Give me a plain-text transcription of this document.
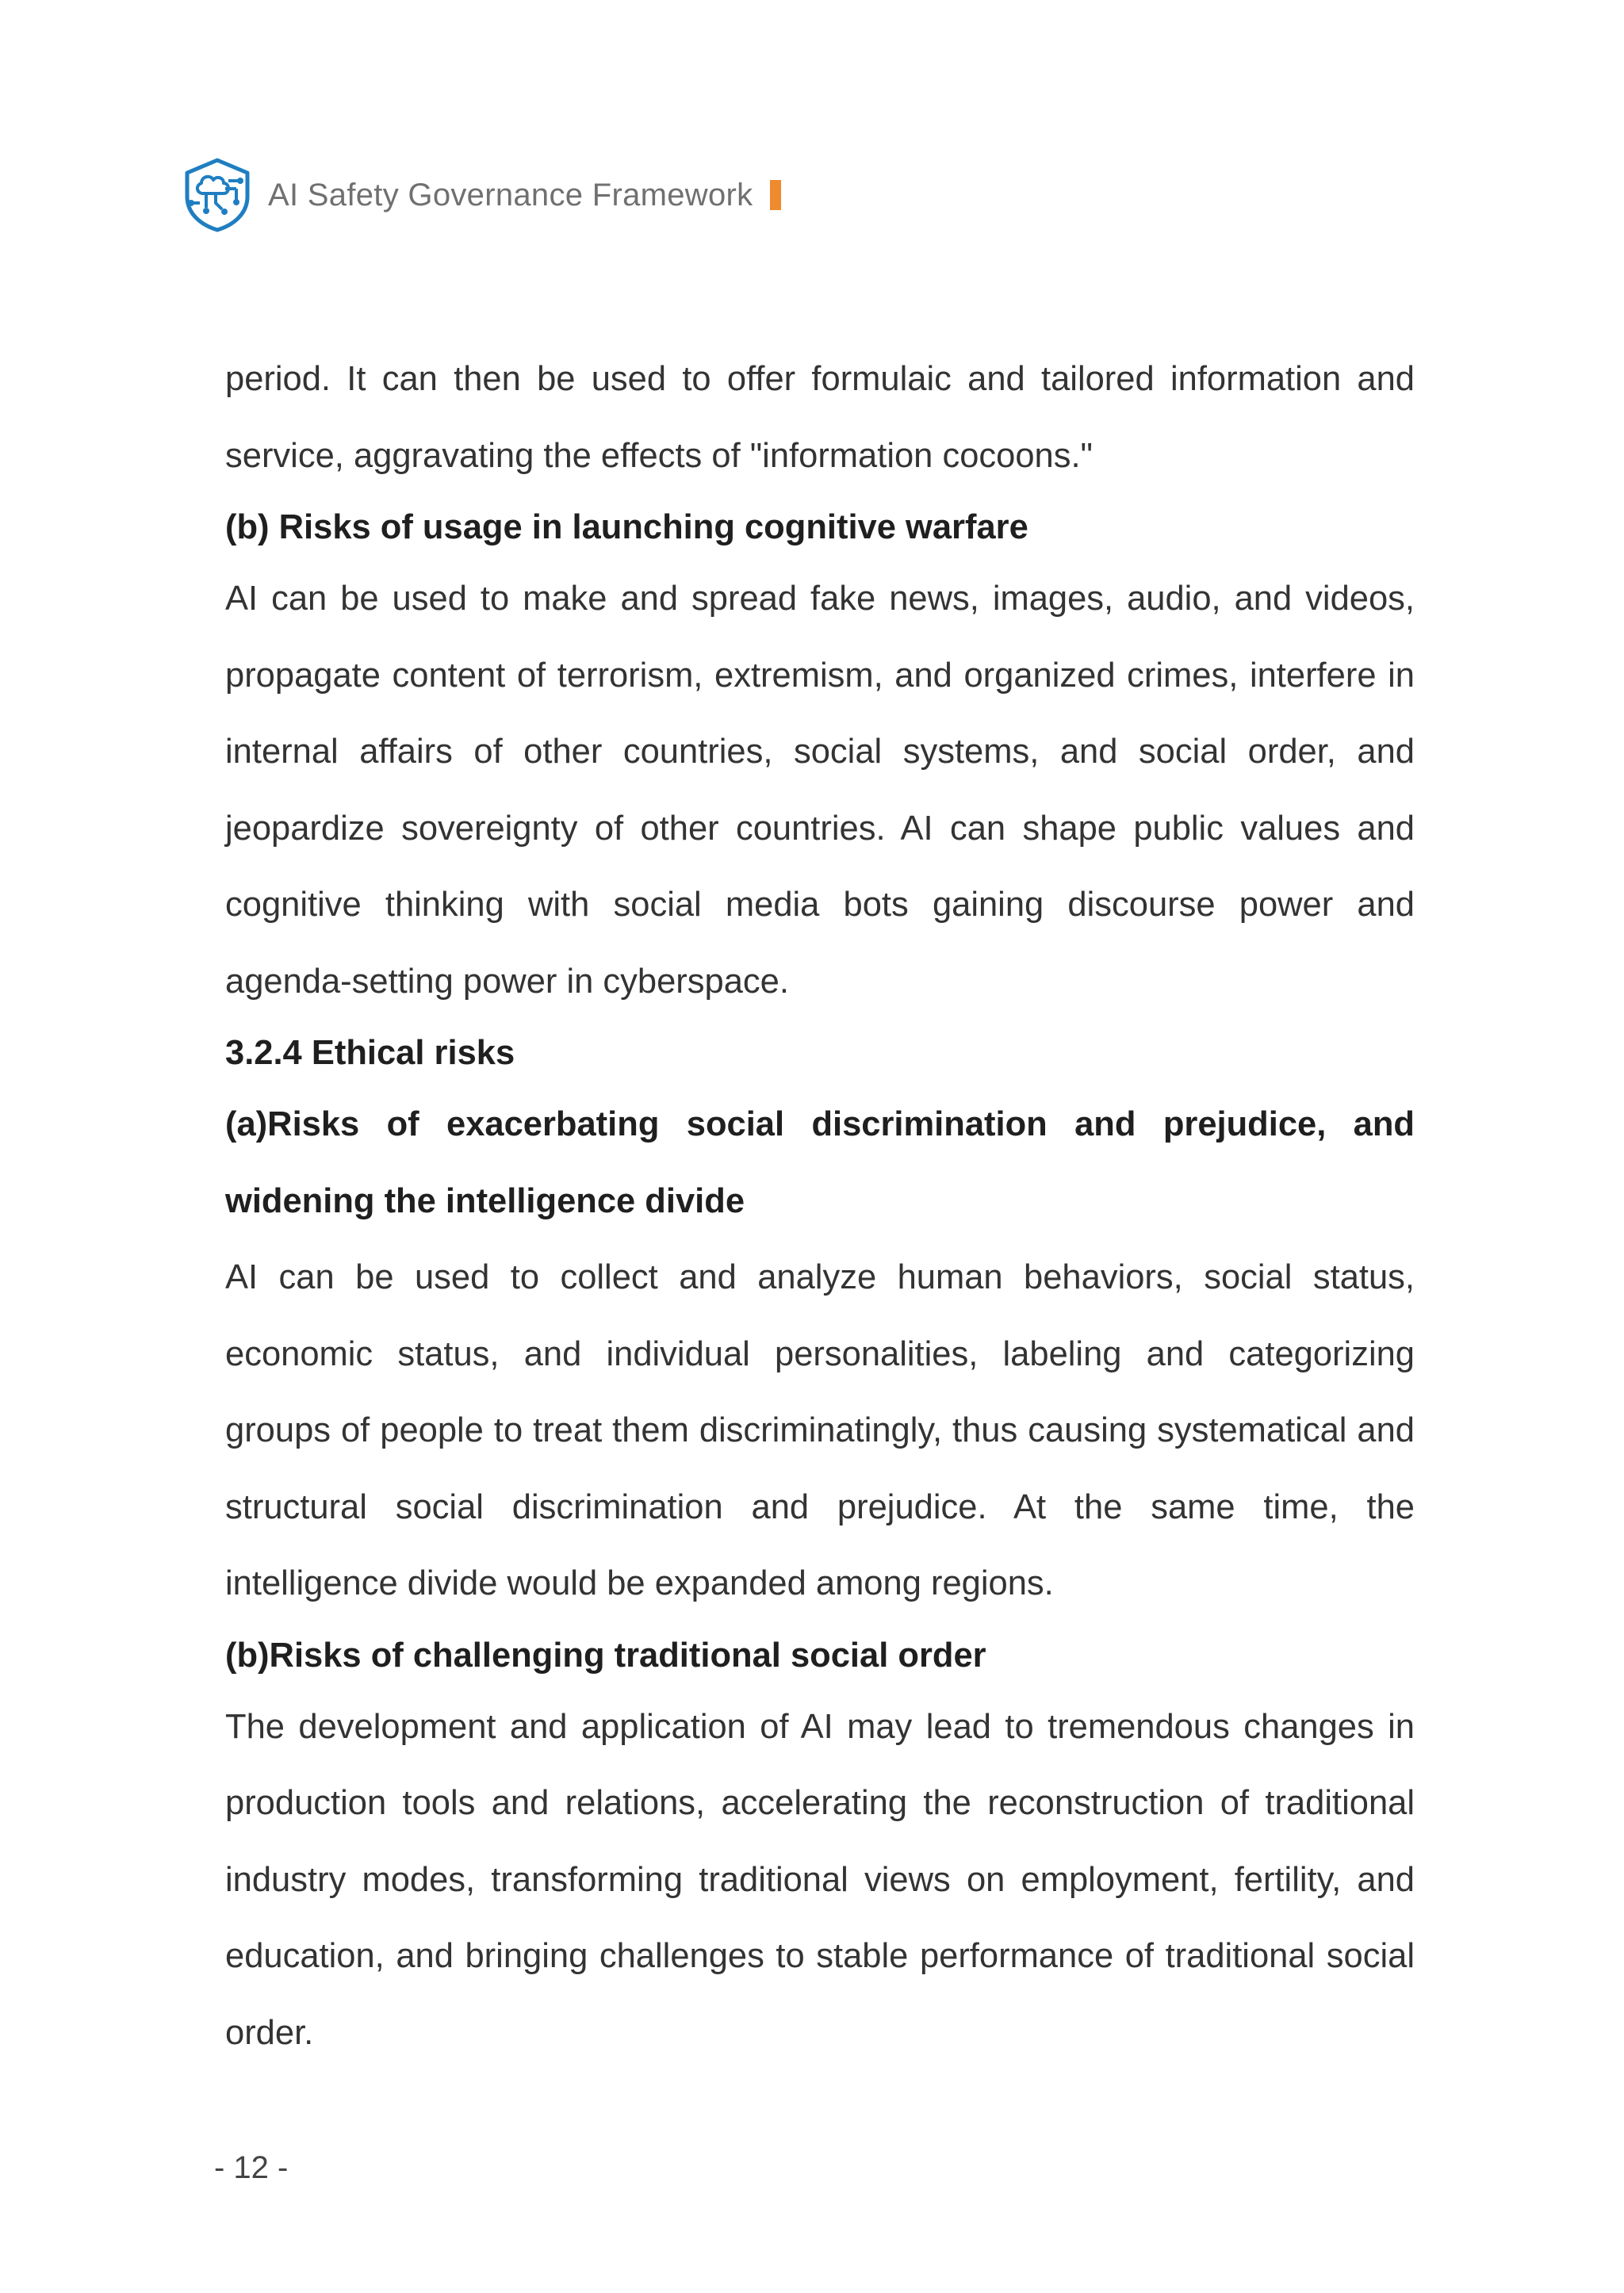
AI Safety Governance Framework

period. It can then be used to offer formulaic and tailored information and service, aggravating the effects of "information cocoons."

(b) Risks of usage in launching cognitive warfare

AI can be used to make and spread fake news, images, audio, and videos, propagate content of terrorism, extremism, and organized crimes, interfere in internal affairs of other countries, social systems, and social order, and jeopardize sovereignty of other countries. AI can shape public values and cognitive thinking with social media bots gaining discourse power and agenda-setting power in cyberspace.

3.2.4 Ethical risks
(a)Risks of exacerbating social discrimination and prejudice, and widening the intelligence divide

AI can be used to collect and analyze human behaviors, social status, economic status, and individual personalities, labeling and categorizing groups of people to treat them discriminatingly, thus causing systematical and structural social discrimination and prejudice. At the same time, the intelligence divide would be expanded among regions.

(b)Risks of challenging traditional social order

The development and application of AI may lead to tremendous changes in production tools and relations, accelerating the reconstruction of traditional industry modes, transforming traditional views on employment, fertility, and education, and bringing challenges to stable performance of traditional social order.

- 12 -
